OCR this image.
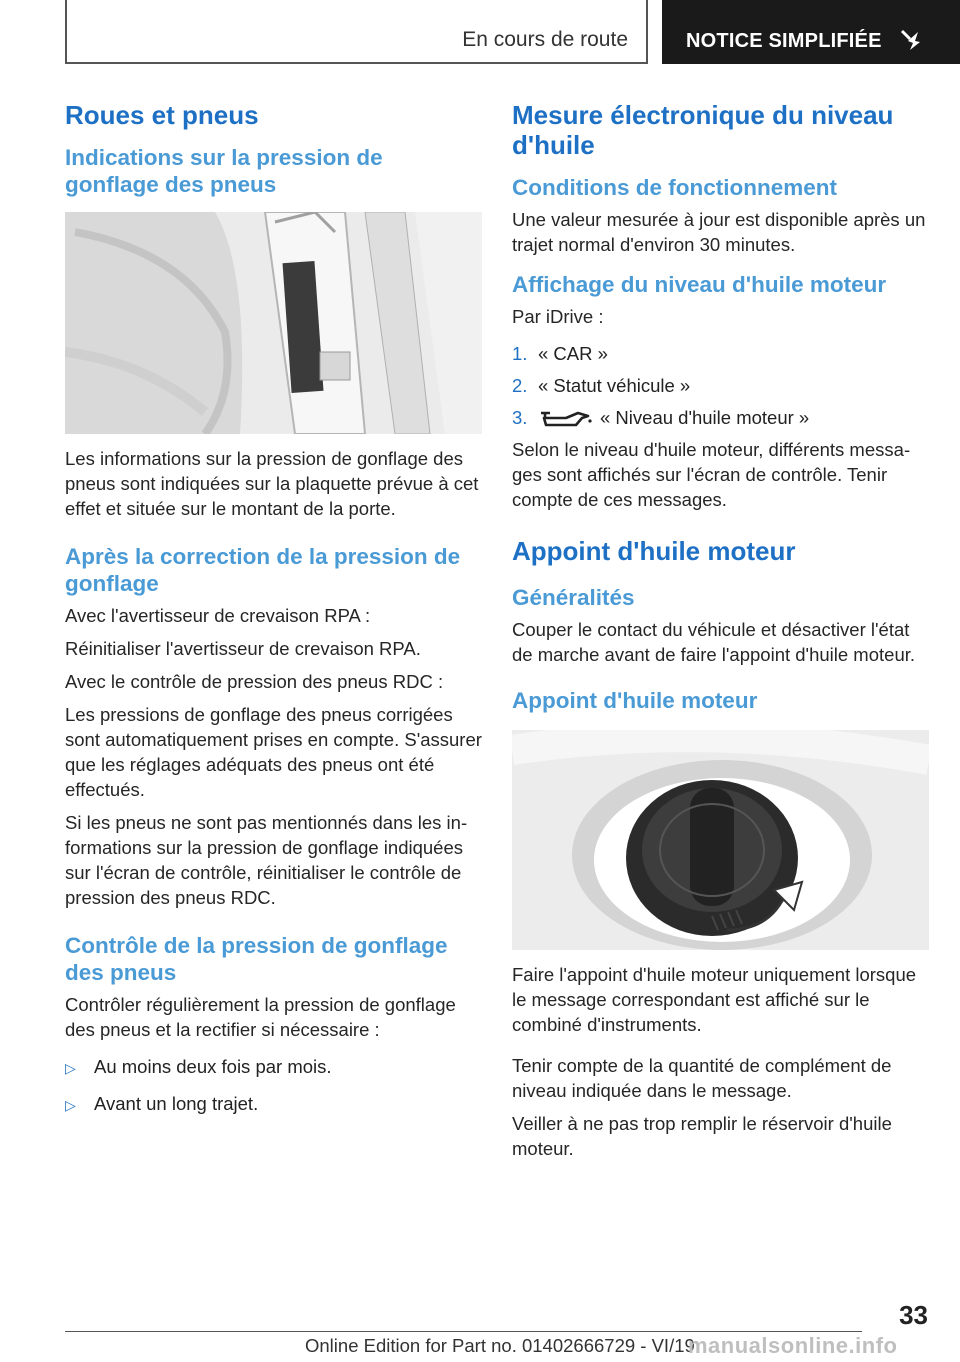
En cours de route	NOTICE SIMPLIFIÉE
Roues et pneus
Indications sur la pression de gonflage des pneus

Les informations sur la pression de gonflage des pneus sont indiquées sur la plaquette prévue à cet effet et située sur le montant de la porte.

Après la correction de la pression de gonflage

Avec l'avertisseur de crevaison RPA :

Réinitialiser l'avertisseur de crevaison RPA.

Avec le contrôle de pression des pneus RDC :

Les pressions de gonflage des pneus corrigées sont automatiquement prises en compte. S'assurer que les réglages adéquats des pneus ont été effectués.

Si les pneus ne sont pas mentionnés dans les informations sur la pression de gonflage indiquées sur l'écran de contrôle, réinitialiser le contrôle de pression des pneus RDC.

Contrôle de la pression de gonflage des pneus

Contrôler régulièrement la pression de gonflage des pneus et la rectifier si nécessaire :

▷ Au moins deux fois par mois.
▷ Avant un long trajet.
Mesure électronique du niveau d'huile
Conditions de fonctionnement

Une valeur mesurée à jour est disponible après un trajet normal d'environ 30 minutes.

Affichage du niveau d'huile moteur

Par iDrive :

1. « CAR »
2. « Statut véhicule »
3.	« Niveau d'huile moteur »

Selon le niveau d'huile moteur, différents messages sont affichés sur l'écran de contrôle. Tenir compte de ces messages.

Appoint d'huile moteur
Généralités

Couper le contact du véhicule et désactiver l'état de marche avant de faire l'appoint d'huile moteur.

Appoint d'huile moteur

Faire l'appoint d'huile moteur uniquement lorsque le message correspondant est affiché sur le combiné d'instruments.

Tenir compte de la quantité de complément de niveau indiquée dans le message.

Veiller à ne pas trop remplir le réservoir d'huile moteur.

33
Online Edition for Part no. 01402666729 - VI/19
manualsonline.info
